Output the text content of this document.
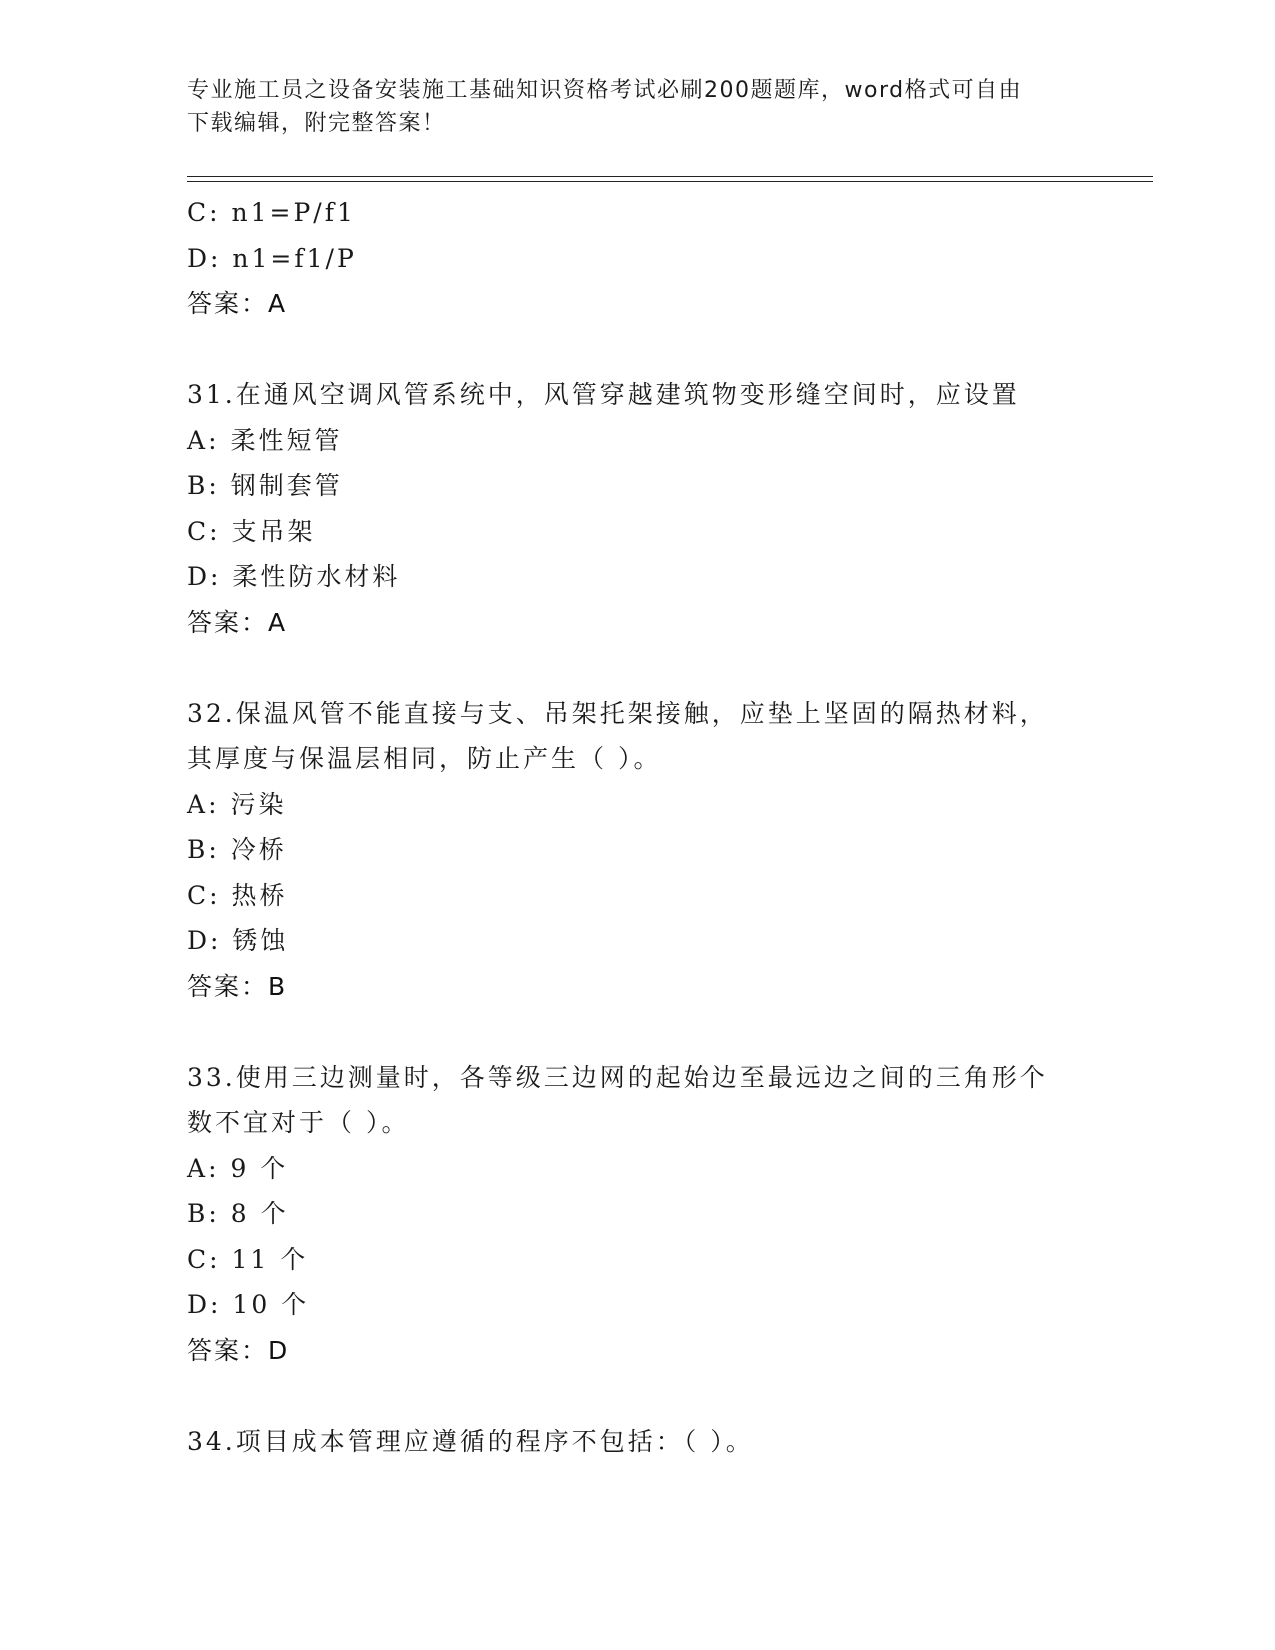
专业施工员之设备安装施工基础知识资格考试必刷200题题库，word格式可自由
下载编辑，附完整答案！
C: n1=P/f1
D: n1=f1/P
答案：A
31.在通风空调风管系统中，风管穿越建筑物变形缝空间时，应设置
A: 柔性短管
B: 钢制套管
C: 支吊架
D: 柔性防水材料
答案：A
32.保温风管不能直接与支、吊架托架接触，应垫上坚固的隔热材料，
其厚度与保温层相同，防止产生（ ）。
A: 污染
B: 冷桥
C: 热桥
D: 锈蚀
答案：B
33.使用三边测量时，各等级三边网的起始边至最远边之间的三角形个
数不宜对于（ ）。
A: 9 个
B: 8 个
C: 11 个
D: 10 个
答案：D
34.项目成本管理应遵循的程序不包括：（ ）。
